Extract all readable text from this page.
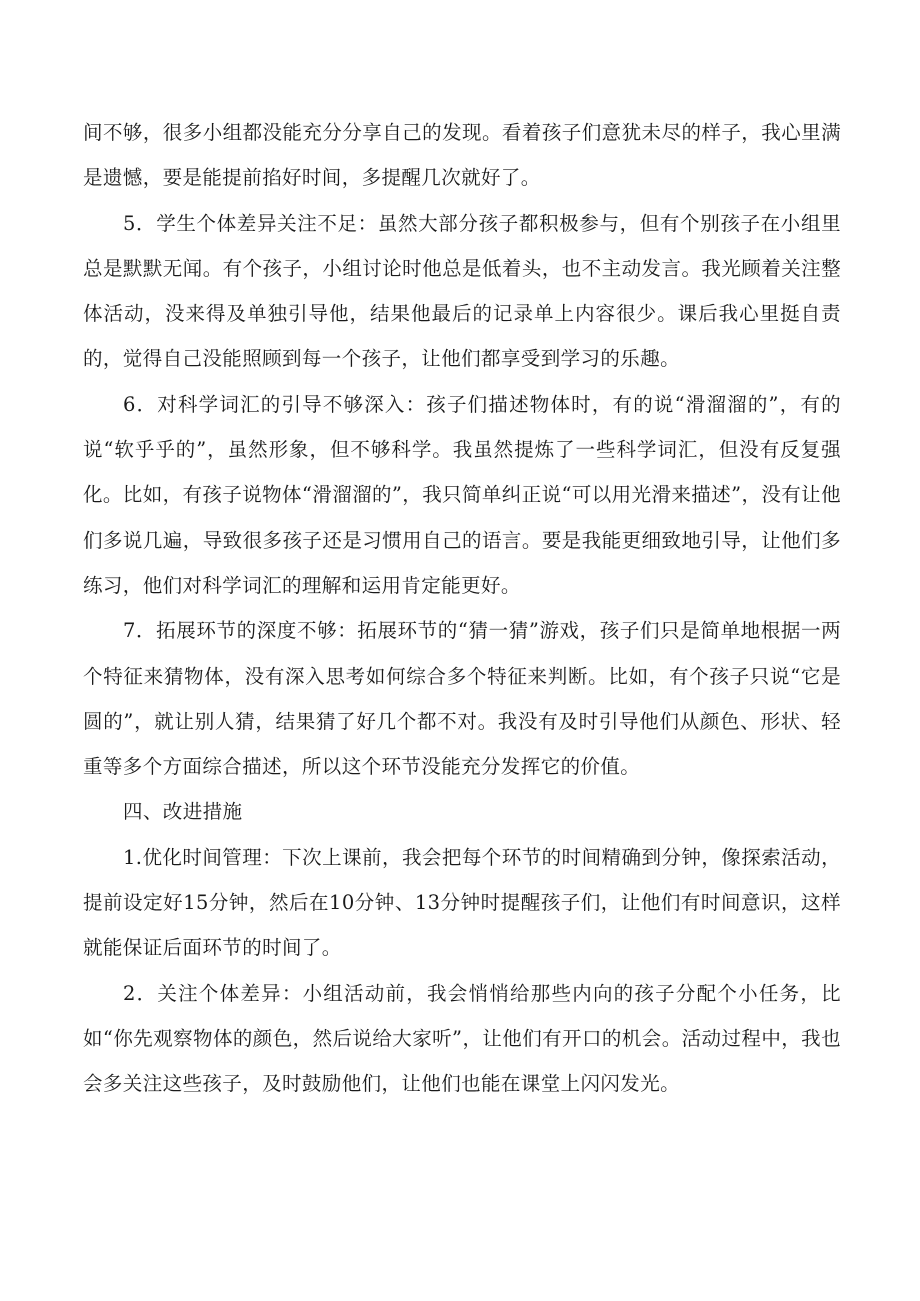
间不够，很多小组都没能充分分享自己的发现。看着孩子们意犹未尽的样子，我心里满是遗憾，要是能提前掐好时间，多提醒几次就好了。

5．学生个体差异关注不足：虽然大部分孩子都积极参与，但有个别孩子在小组里总是默默无闻。有个孩子，小组讨论时他总是低着头，也不主动发言。我光顾着关注整体活动，没来得及单独引导他，结果他最后的记录单上内容很少。课后我心里挺自责的，觉得自己没能照顾到每一个孩子，让他们都享受到学习的乐趣。

6．对科学词汇的引导不够深入：孩子们描述物体时，有的说“滑溜溜的”，有的说“软乎乎的”，虽然形象，但不够科学。我虽然提炼了一些科学词汇，但没有反复强化。比如，有孩子说物体“滑溜溜的”，我只简单纠正说“可以用光滑来描述”，没有让他们多说几遍，导致很多孩子还是习惯用自己的语言。要是我能更细致地引导，让他们多练习，他们对科学词汇的理解和运用肯定能更好。

7．拓展环节的深度不够：拓展环节的“猜一猜”游戏，孩子们只是简单地根据一两个特征来猜物体，没有深入思考如何综合多个特征来判断。比如，有个孩子只说“它是圆的”，就让别人猜，结果猜了好几个都不对。我没有及时引导他们从颜色、形状、轻重等多个方面综合描述，所以这个环节没能充分发挥它的价值。

四、改进措施

1.优化时间管理：下次上课前，我会把每个环节的时间精确到分钟，像探索活动，提前设定好15分钟，然后在10分钟、13分钟时提醒孩子们，让他们有时间意识，这样就能保证后面环节的时间了。

2．关注个体差异：小组活动前，我会悄悄给那些内向的孩子分配个小任务，比如“你先观察物体的颜色，然后说给大家听”，让他们有开口的机会。活动过程中，我也会多关注这些孩子，及时鼓励他们，让他们也能在课堂上闪闪发光。
